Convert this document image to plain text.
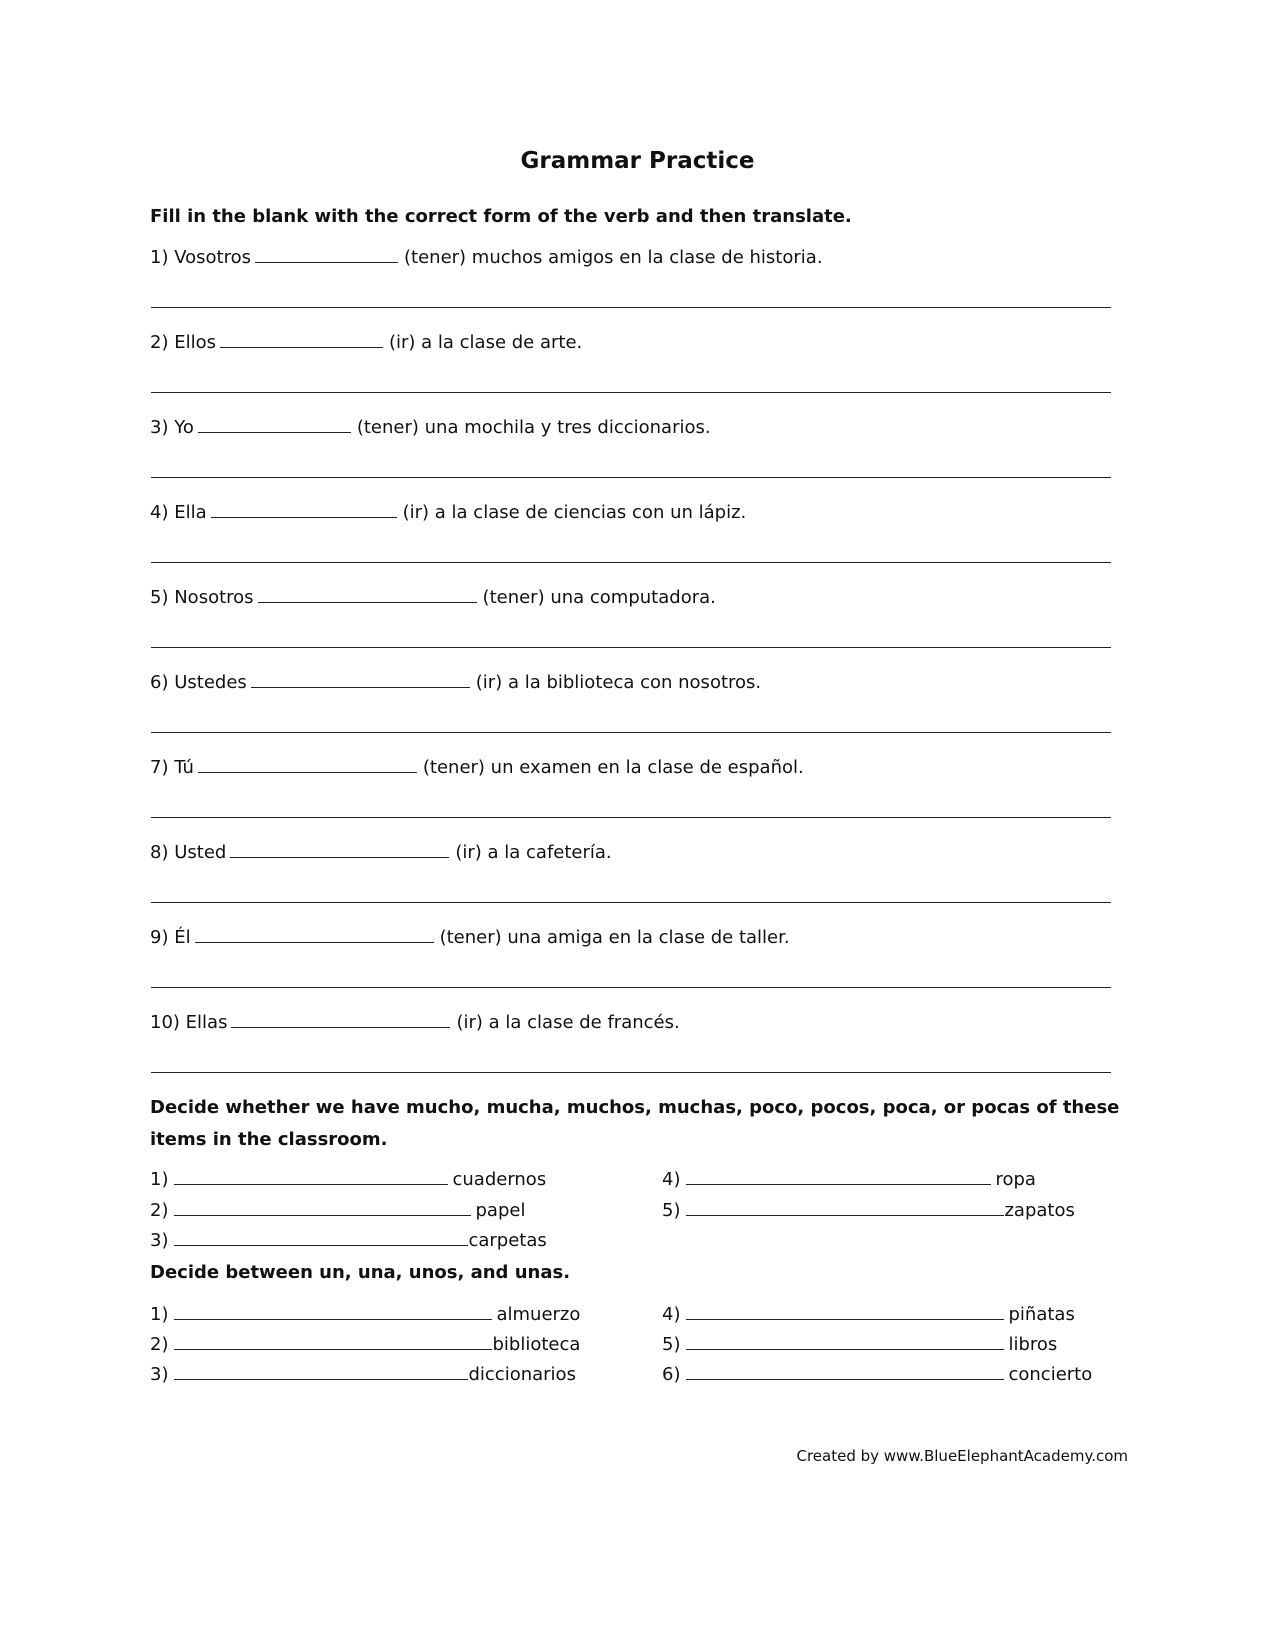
Grammar Practice
Fill in the blank with the correct form of the verb and then translate.
1) Vosotros	(tener) muchos amigos en la clase de historia.
2) Ellos	(ir) a la clase de arte.
3) Yo	(tener) una mochila y tres diccionarios.
4) Ella	(ir) a la clase de ciencias con un lápiz.
5) Nosotros	(tener) una computadora.
6) Ustedes	(ir) a la biblioteca con nosotros.
7) Tú	(tener) un examen en la clase de español.
8) Usted	(ir) a la cafetería.
9) Él	(tener) una amiga en la clase de taller.
10) Ellas	(ir) a la clase de francés.
Decide whether we have mucho, mucha, muchos, muchas, poco, pocos, poca, or pocas of these items in the classroom.
1)	cuadernos
2)	papel
3)	carpetas
4)	ropa
5)	zapatos
Decide between un, una, unos, and unas.
1)	almuerzo
2)	biblioteca
3)	diccionarios
4)	piñatas
5)	libros
6)	concierto
Created by www.BlueElephantAcademy.com
